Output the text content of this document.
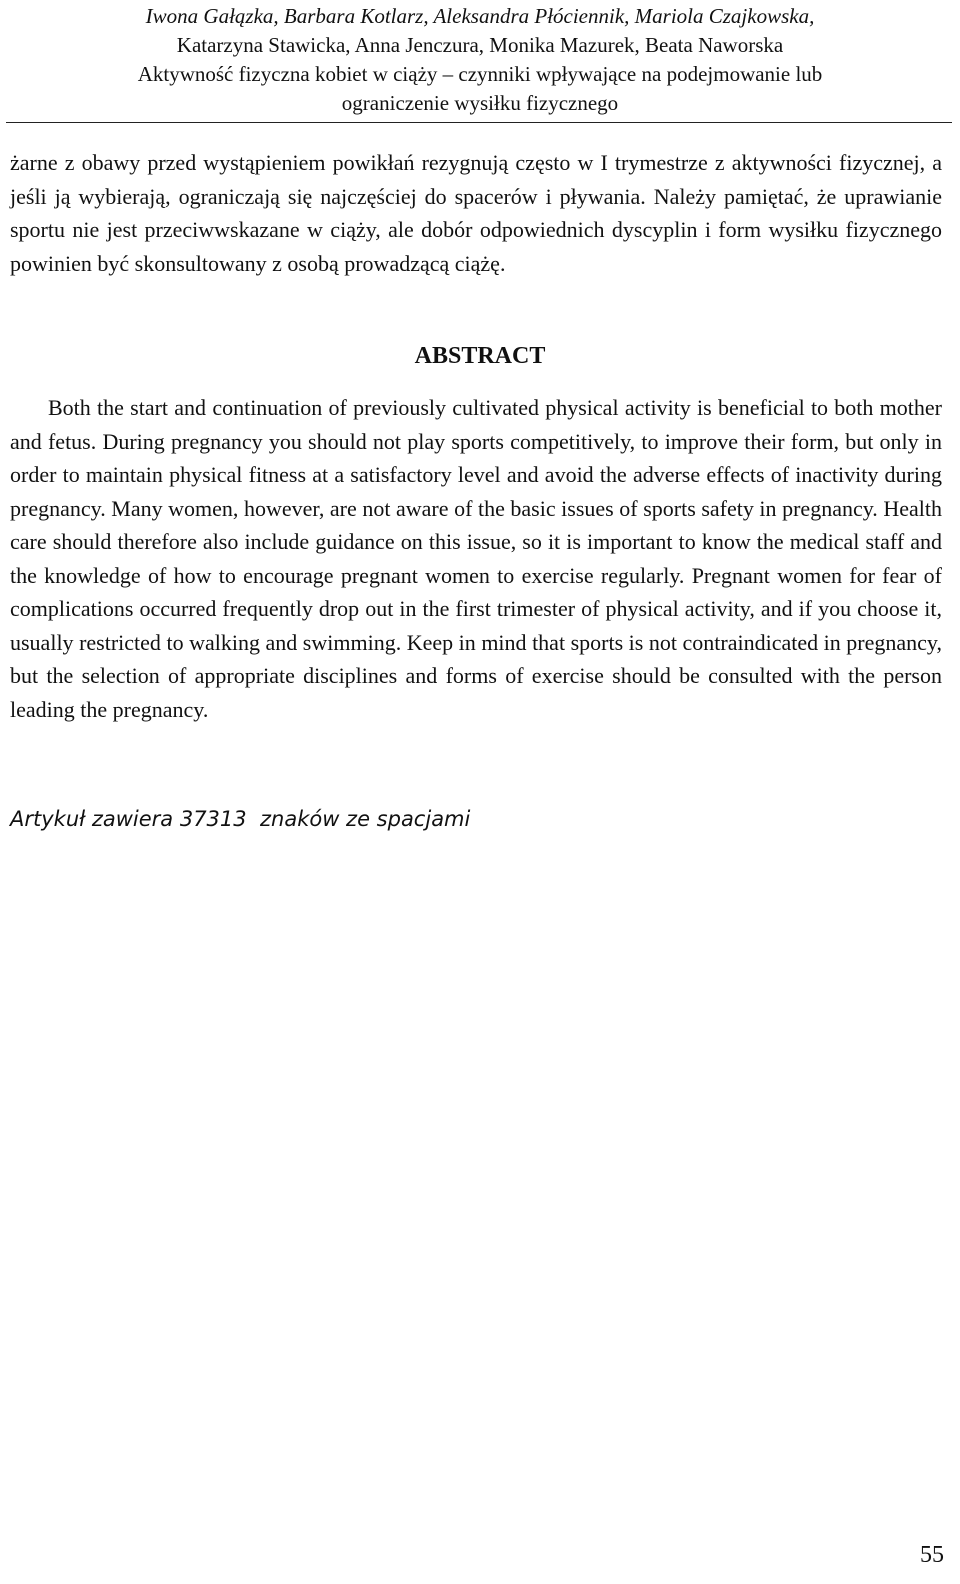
Iwona Gałązka, Barbara Kotlarz, Aleksandra Płóciennik, Mariola Czajkowska,
Katarzyna Stawicka, Anna Jenczura, Monika Mazurek, Beata Naworska
Aktywność fizyczna kobiet w ciąży – czynniki wpływające na podejmowanie lub
ograniczenie wysiłku fizycznego

żarne z obawy przed wystąpieniem powikłań rezygnują często w I trymestrze z aktywności fizycznej, a jeśli ją wybierają, ograniczają się najczęściej do spacerów i pływania. Należy pamiętać, że uprawianie sportu nie jest przeciwwskazane w ciąży, ale dobór odpowiednich dyscyplin i form wysiłku fizycznego powinien być skonsultowany z osobą prowadzącą ciążę.

ABSTRACT

Both the start and continuation of previously cultivated physical activity is beneficial to both mother and fetus. During pregnancy you should not play sports competitively, to improve their form, but only in order to maintain physical fitness at a satisfactory level and avoid the adverse effects of inactivity during pregnancy. Many women, however, are not aware of the basic issues of sports safety in pregnancy. Health care should therefore also include guidance on this issue, so it is important to know the medical staff and the knowledge of how to encourage pregnant women to exercise regularly. Pregnant women for fear of complications occurred frequently drop out in the first trimester of physical activity, and if you choose it, usually restricted to walking and swimming. Keep in mind that sports is not contraindicated in pregnancy, but the selection of appropriate disciplines and forms of exercise should be consulted with the person leading the pregnancy.

Artykuł zawiera 37313  znaków ze spacjami
55
